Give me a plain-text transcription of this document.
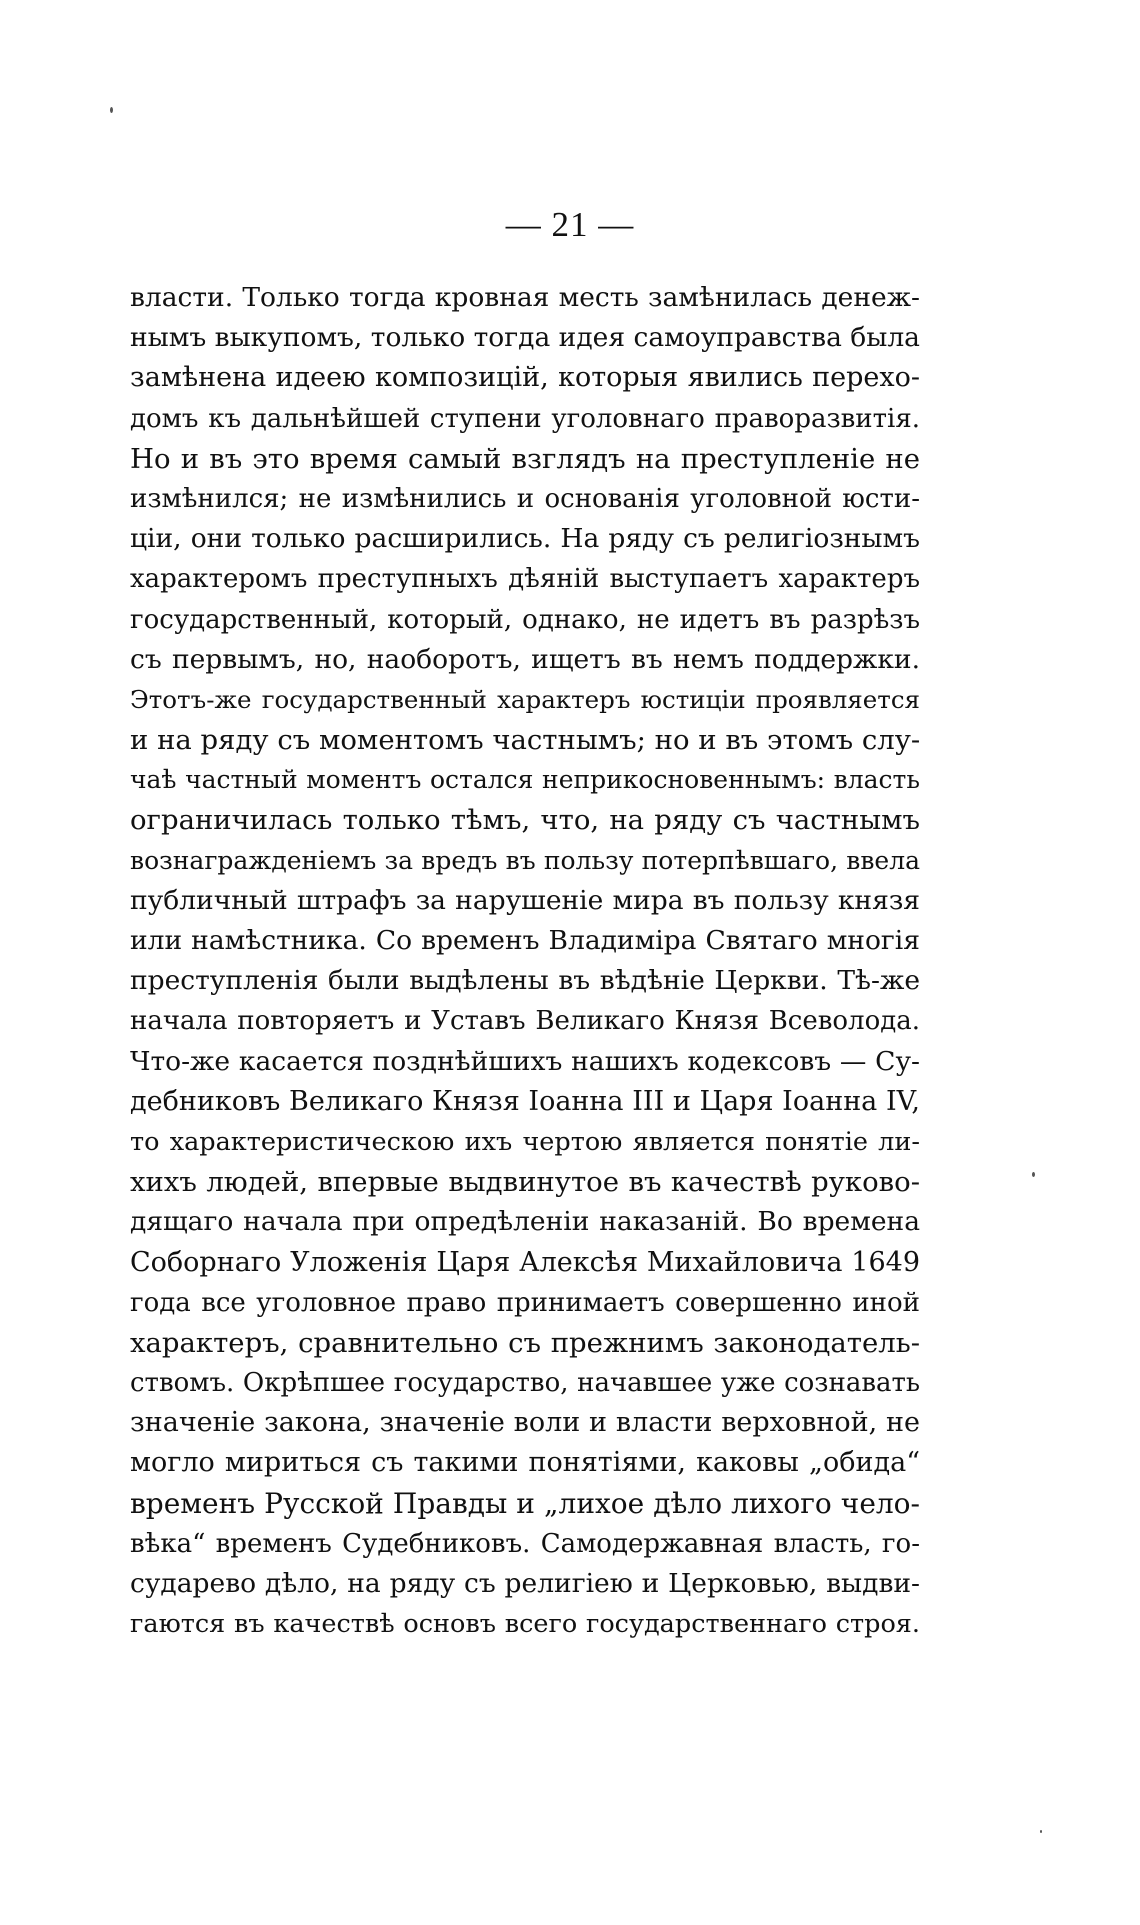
— 21 —
власти. Только тогда кровная месть замѣнилась денеж-
нымъ выкупомъ, только тогда идея самоуправства была
замѣнена идеею композицій, которыя явились перехо-
домъ къ дальнѣйшей ступени уголовнаго праворазвитія.
Но и въ это время самый взглядъ на преступленіе не
измѣнился; не измѣнились и основанія уголовной юсти-
ціи, они только расширились. На ряду съ религіознымъ
характеромъ преступныхъ дѣяній выступаетъ характеръ
государственный, который, однако, не идетъ въ разрѣзъ
съ первымъ, но, наоборотъ, ищетъ въ немъ поддержки.
Этотъ-же государственный характеръ юстиціи проявляется
и на ряду съ моментомъ частнымъ; но и въ этомъ слу-
чаѣ частный моментъ остался неприкосновеннымъ: власть
ограничилась только тѣмъ, что, на ряду съ частнымъ
вознагражденіемъ за вредъ въ пользу потерпѣвшаго, ввела
публичный штрафъ за нарушеніе мира въ пользу князя
или намѣстника. Со временъ Владиміра Святаго многія
преступленія были выдѣлены въ вѣдѣніе Церкви. Тѣ-же
начала повторяетъ и Уставъ Великаго Князя Всеволода.
Что-же касается позднѣйшихъ нашихъ кодексовъ — Су-
дебниковъ Великаго Князя Іоанна III и Царя Іоанна IV,
то характеристическою ихъ чертою является понятіе ли-
хихъ людей, впервые выдвинутое въ качествѣ руково-
дящаго начала при опредѣленіи наказаній. Во времена
Соборнаго Уложенія Царя Алексѣя Михайловича 1649
года все уголовное право принимаетъ совершенно иной
характеръ, сравнительно съ прежнимъ законодатель-
ствомъ. Окрѣпшее государство, начавшее уже сознавать
значеніе закона, значеніе воли и власти верховной, не
могло мириться съ такими понятіями, каковы „обида“
временъ Русской Правды и „лихое дѣло лихого чело-
вѣка“ временъ Судебниковъ. Самодержавная власть, го-
сударево дѣло, на ряду съ религіею и Церковью, выдви-
гаются въ качествѣ основъ всего государственнаго строя.
